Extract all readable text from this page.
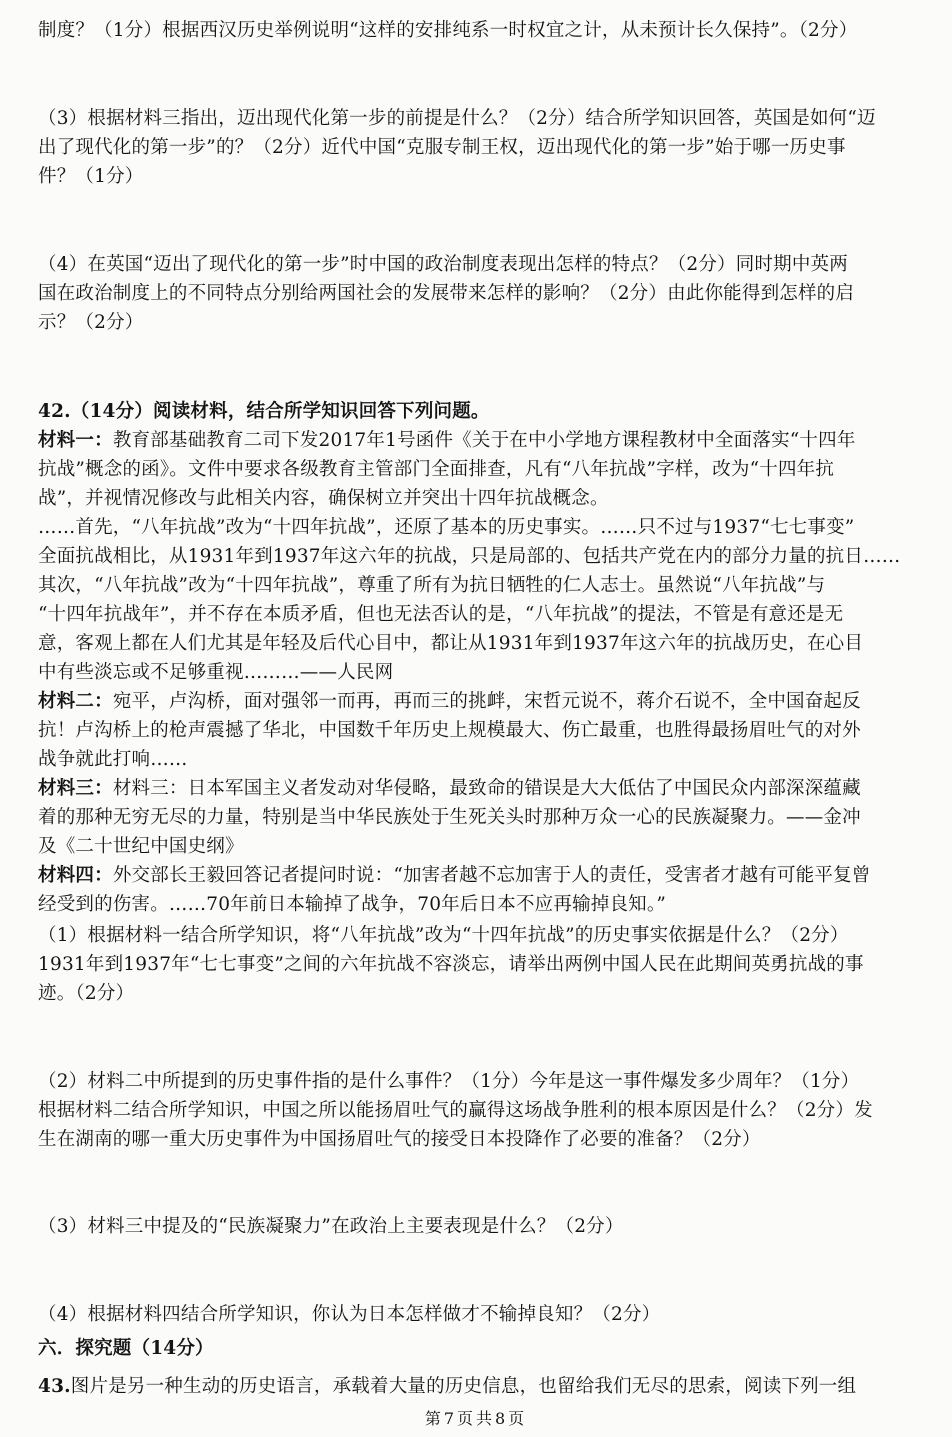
制度？（1分）根据西汉历史举例说明“这样的安排纯系一时权宜之计，从未预计长久保持”。（2分）
（3）根据材料三指出，迈出现代化第一步的前提是什么？（2分）结合所学知识回答，英国是如何“迈
出了现代化的第一步”的？（2分）近代中国“克服专制王权，迈出现代化的第一步”始于哪一历史事
件？（1分）
（4）在英国“迈出了现代化的第一步”时中国的政治制度表现出怎样的特点？（2分）同时期中英两
国在政治制度上的不同特点分别给两国社会的发展带来怎样的影响？（2分）由此你能得到怎样的启
示？（2分）
42.（14分）阅读材料，结合所学知识回答下列问题。
材料一：教育部基础教育二司下发2017年1号函件《关于在中小学地方课程教材中全面落实“十四年
抗战”概念的函》。文件中要求各级教育主管部门全面排查，凡有“八年抗战”字样，改为“十四年抗
战”，并视情况修改与此相关内容，确保树立并突出十四年抗战概念。
……首先，“八年抗战”改为“十四年抗战”，还原了基本的历史事实。……只不过与1937“七七事变”
全面抗战相比，从1931年到1937年这六年的抗战，只是局部的、包括共产党在内的部分力量的抗日……
其次，“八年抗战”改为“十四年抗战”，尊重了所有为抗日牺牲的仁人志士。虽然说“八年抗战”与
“十四年抗战年”，并不存在本质矛盾，但也无法否认的是，“八年抗战”的提法，不管是有意还是无
意，客观上都在人们尤其是年轻及后代心目中，都让从1931年到1937年这六年的抗战历史，在心目
中有些淡忘或不足够重视………——人民网
材料二：宛平，卢沟桥，面对强邻一而再，再而三的挑衅，宋哲元说不，蒋介石说不，全中国奋起反
抗！卢沟桥上的枪声震撼了华北，中国数千年历史上规模最大、伤亡最重，也胜得最扬眉吐气的对外
战争就此打响……
材料三：材料三：日本军国主义者发动对华侵略，最致命的错误是大大低估了中国民众内部深深蕴藏
着的那种无穷无尽的力量，特别是当中华民族处于生死关头时那种万众一心的民族凝聚力。——金冲
及《二十世纪中国史纲》
材料四：外交部长王毅回答记者提问时说：“加害者越不忘加害于人的责任，受害者才越有可能平复曾
经受到的伤害。……70年前日本输掉了战争，70年后日本不应再输掉良知。”
（1）根据材料一结合所学知识，将“八年抗战”改为“十四年抗战”的历史事实依据是什么？（2分）
1931年到1937年“七七事变”之间的六年抗战不容淡忘，请举出两例中国人民在此期间英勇抗战的事
迹。（2分）
（2）材料二中所提到的历史事件指的是什么事件？（1分）今年是这一事件爆发多少周年？（1分）
根据材料二结合所学知识，中国之所以能扬眉吐气的赢得这场战争胜利的根本原因是什么？（2分）发
生在湖南的哪一重大历史事件为中国扬眉吐气的接受日本投降作了必要的准备？（2分）
（3）材料三中提及的“民族凝聚力”在政治上主要表现是什么？（2分）
（4）根据材料四结合所学知识，你认为日本怎样做才不输掉良知？（2分）
六．探究题（14分）
43.图片是另一种生动的历史语言，承载着大量的历史信息，也留给我们无尽的思索，阅读下列一组
第7页共8页
